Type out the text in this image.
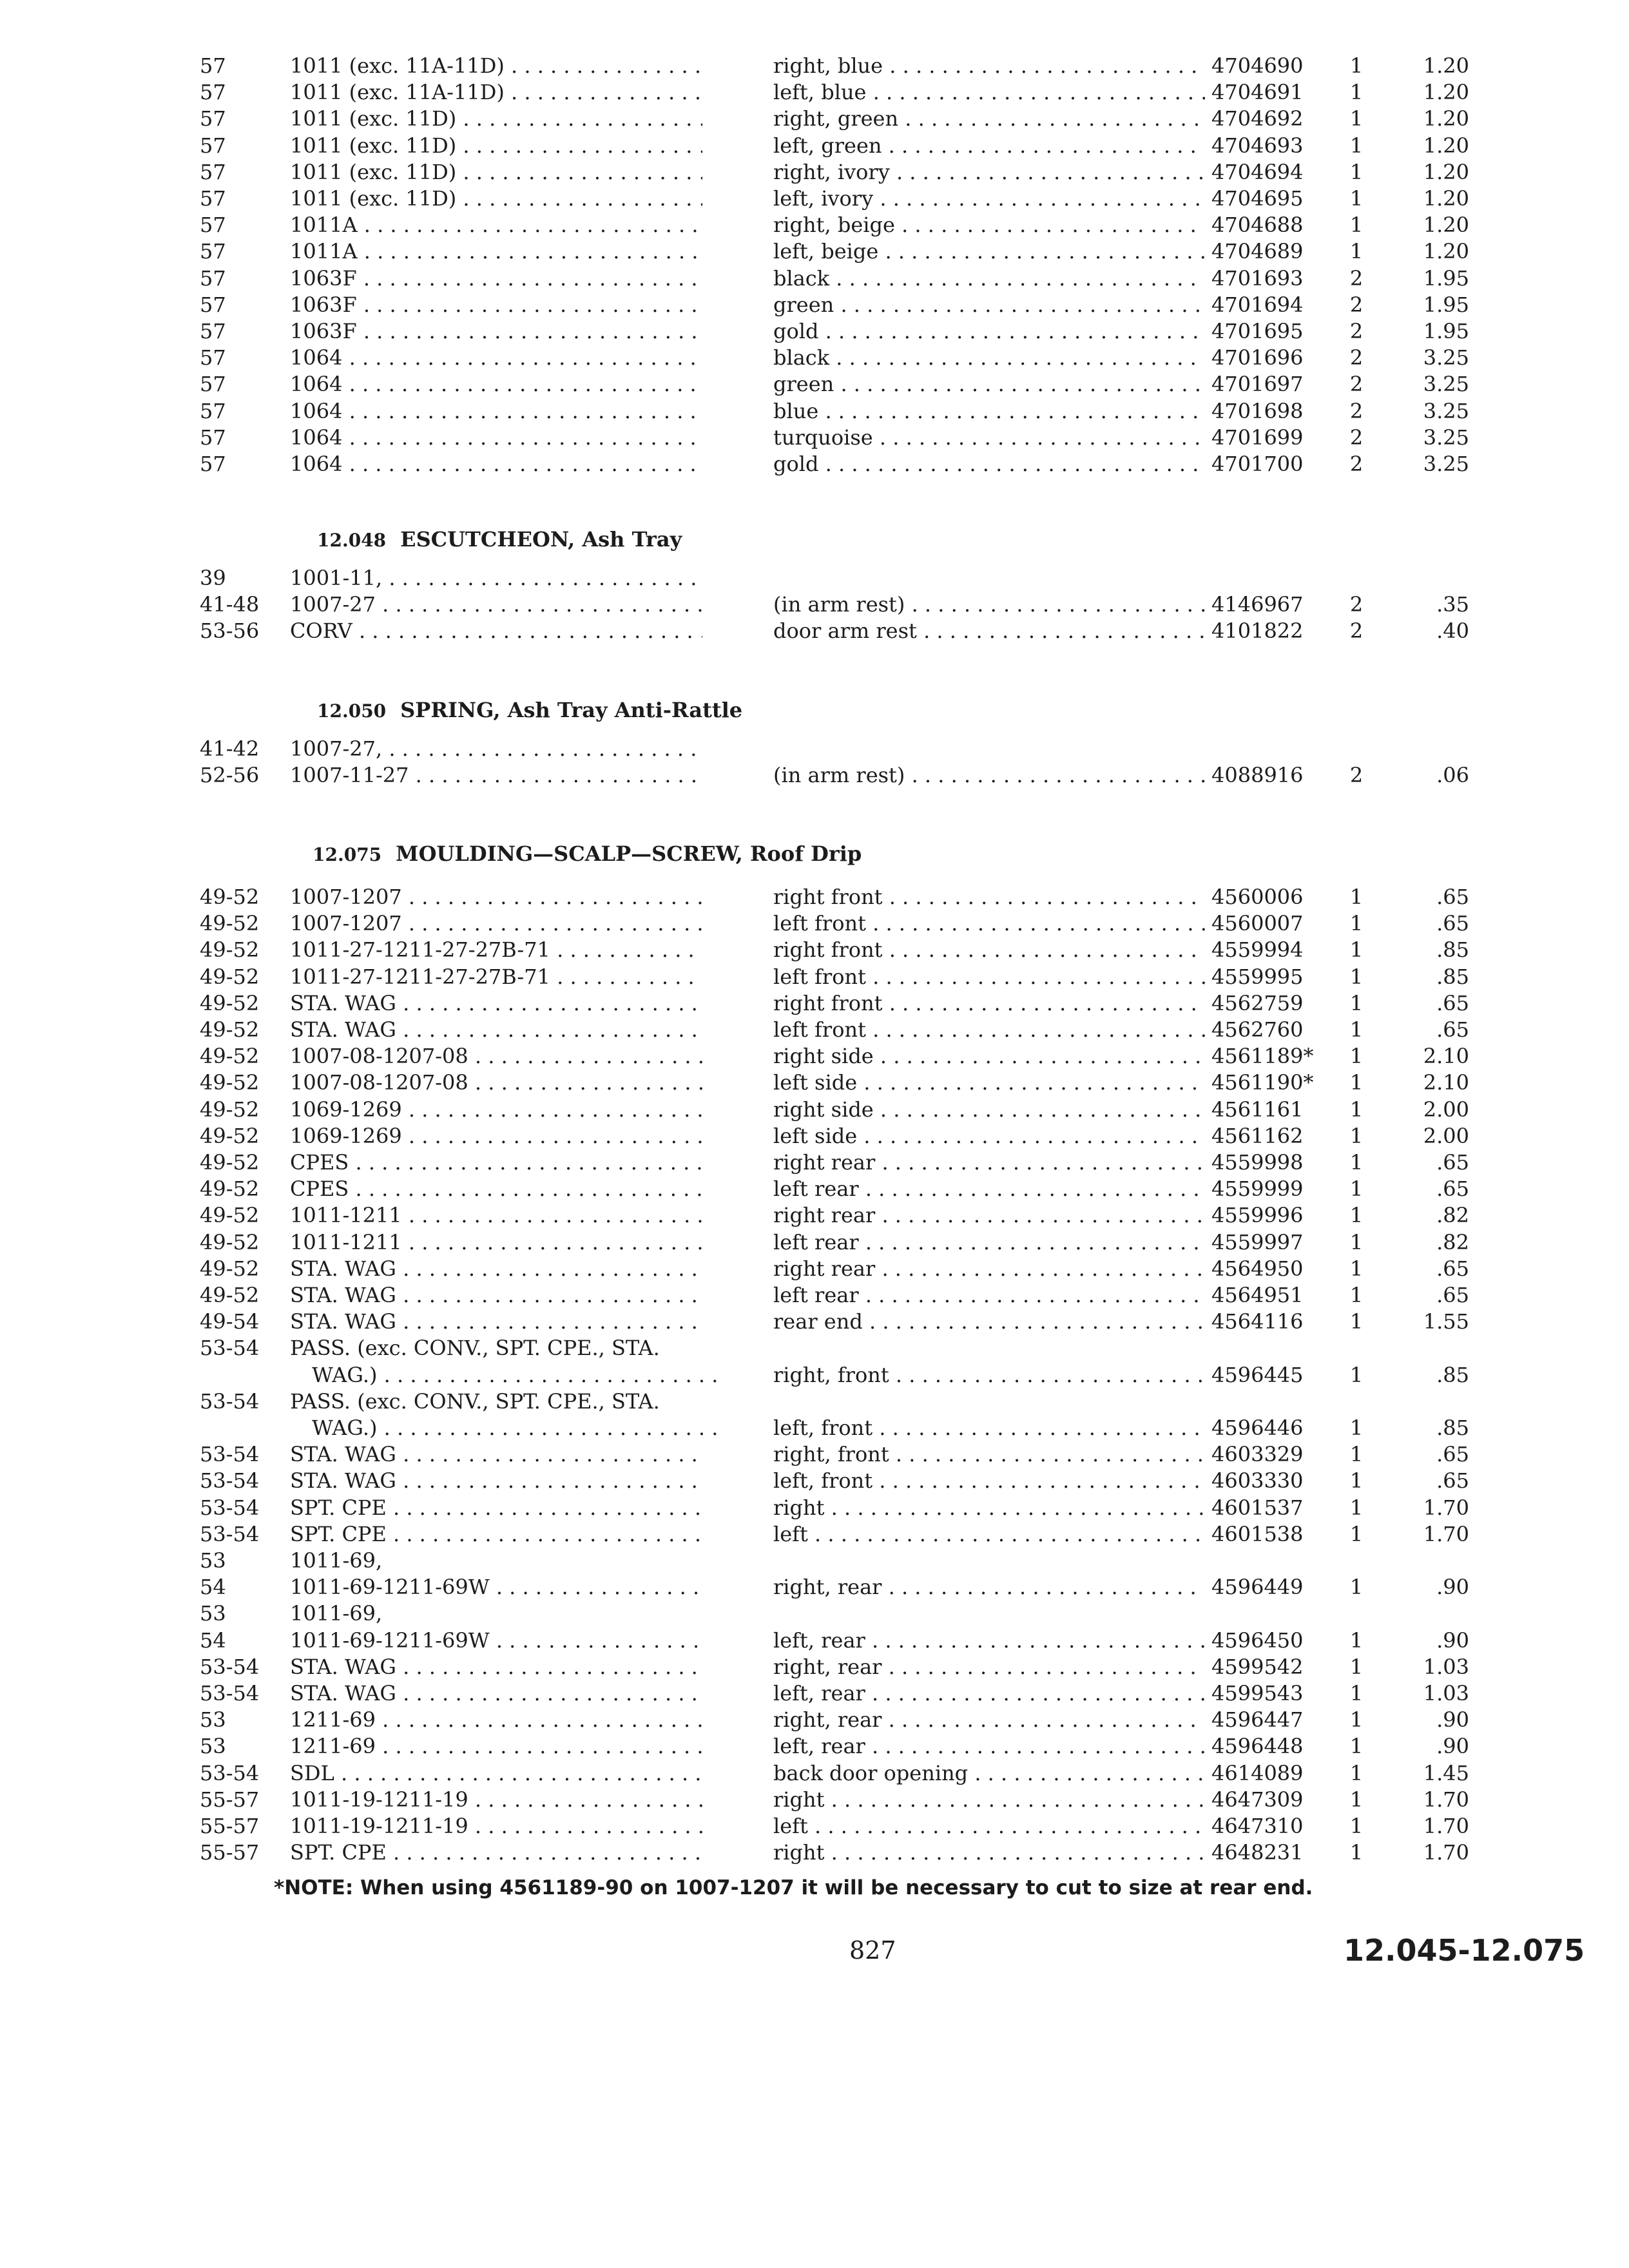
57	1011 (exc. 11A-11D) . . .	right, blue . . .	4704690	1	1.20
57	1011 (exc. 11A-11D) . . .	left, blue . . .	4704691	1	1.20
57	1011 (exc. 11D) . . .	right, green . . .	4704692	1	1.20
57	1011 (exc. 11D) . . .	left, green . . .	4704693	1	1.20
57	1011 (exc. 11D) . . .	right, ivory . . .	4704694	1	1.20
57	1011 (exc. 11D) . . .	left, ivory . . .	4704695	1	1.20
57	1011A . . .	right, beige . . .	4704688	1	1.20
57	1011A . . .	left, beige . . .	4704689	1	1.20
57	1063F . . .	black . . .	4701693	2	1.95
57	1063F . . .	green . . .	4701694	2	1.95
57	1063F . . .	gold . . .	4701695	2	1.95
57	1064 . . .	black . . .	4701696	2	3.25
57	1064 . . .	green . . .	4701697	2	3.25
57	1064 . . .	blue . . .	4701698	2	3.25
57	1064 . . .	turquoise . . .	4701699	2	3.25
57	1064 . . .	gold . . .	4701700	2	3.25
12.048 ESCUTCHEON, Ash Tray
39	1001-11, . . .
41-48	1007-27 . . .	(in arm rest) . . .	4146967	2	.35
53-56	CORV . . .	door arm rest . . .	4101822	2	.40
12.050 SPRING, Ash Tray Anti-Rattle
41-42	1007-27, . . .
52-56	1007-11-27 . . .	(in arm rest) . . .	4088916	2	.06
12.075 MOULDING—SCALP—SCREW, Roof Drip
49-52	1007-1207 . . .	right front . . .	4560006	1	.65
49-52	1007-1207 . . .	left front . . .	4560007	1	.65
49-52	1011-27-1211-27-27B-71 . . .	right front . . .	4559994	1	.85
49-52	1011-27-1211-27-27B-71 . . .	left front . . .	4559995	1	.85
49-52	STA. WAG . . .	right front . . .	4562759	1	.65
49-52	STA. WAG . . .	left front . . .	4562760	1	.65
49-52	1007-08-1207-08 . . .	right side . . .	4561189*	1	2.10
49-52	1007-08-1207-08 . . .	left side . . .	4561190*	1	2.10
49-52	1069-1269 . . .	right side . . .	4561161	1	2.00
49-52	1069-1269 . . .	left side . . .	4561162	1	2.00
49-52	CPES . . .	right rear . . .	4559998	1	.65
49-52	CPES . . .	left rear . . .	4559999	1	.65
49-52	1011-1211 . . .	right rear . . .	4559996	1	.82
49-52	1011-1211 . . .	left rear . . .	4559997	1	.82
49-52	STA. WAG . . .	right rear . . .	4564950	1	.65
49-52	STA. WAG . . .	left rear . . .	4564951	1	.65
49-54	STA. WAG . . .	rear end . . .	4564116	1	1.55
53-54	PASS. (exc. CONV., SPT. CPE., STA.
WAG.) . . .	right, front . . .	4596445	1	.85
53-54	PASS. (exc. CONV., SPT. CPE., STA.
WAG.) . . .	left, front . . .	4596446	1	.85
53-54	STA. WAG . . .	right, front . . .	4603329	1	.65
53-54	STA. WAG . . .	left, front . . .	4603330	1	.65
53-54	SPT. CPE . . .	right . . .	4601537	1	1.70
53-54	SPT. CPE . . .	left . . .	4601538	1	1.70
53	1011-69,
54	1011-69-1211-69W . . .	right, rear . . .	4596449	1	.90
53	1011-69,
54	1011-69-1211-69W . . .	left, rear . . .	4596450	1	.90
53-54	STA. WAG . . .	right, rear . . .	4599542	1	1.03
53-54	STA. WAG . . .	left, rear . . .	4599543	1	1.03
53	1211-69 . . .	right, rear . . .	4596447	1	.90
53	1211-69 . . .	left, rear . . .	4596448	1	.90
53-54	SDL . . .	back door opening . . .	4614089	1	1.45
55-57	1011-19-1211-19 . . .	right . . .	4647309	1	1.70
55-57	1011-19-1211-19 . . .	left . . .	4647310	1	1.70
55-57	SPT. CPE . . .	right . . .	4648231	1	1.70
*NOTE: When using 4561189-90 on 1007-1207 it will be necessary to cut to size at rear end.
827	12.045-12.075
